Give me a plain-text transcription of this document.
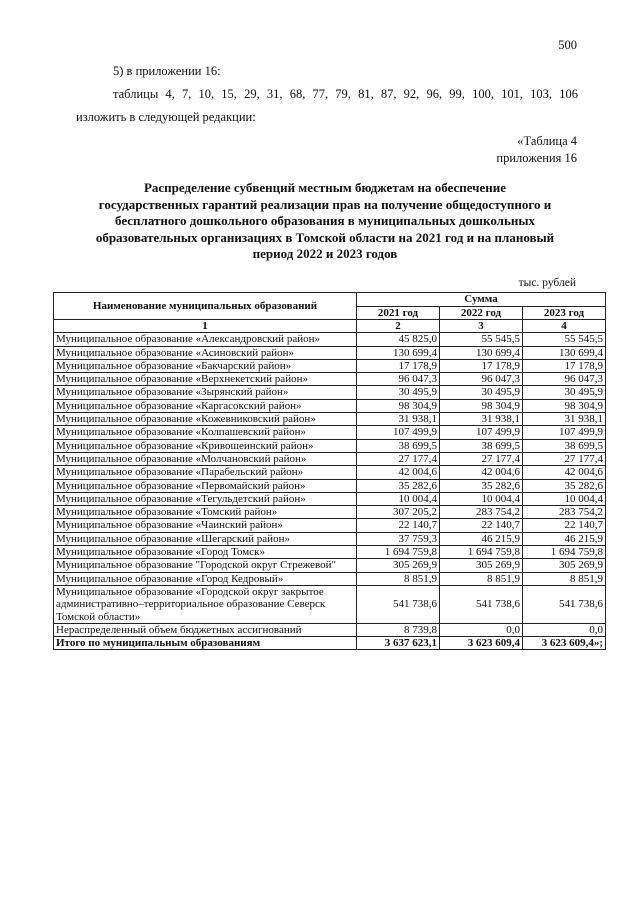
500
5) в приложении 16:
таблицы 4, 7, 10, 15, 29, 31, 68, 77, 79, 81, 87, 92, 96, 99, 100, 101, 103, 106
изложить в следующей редакции:
«Таблица 4
приложения 16
Распределение субвенций местным бюджетам на обеспечение
государственных гарантий реализации прав на получение общедоступного и
бесплатного дошкольного образования в муниципальных дошкольных
образовательных организациях в Томской области на 2021 год и на плановый
период 2022 и 2023 годов
тыс. рублей
Наименование муниципальных образований	Сумма		
	2021 год	2022 год	2023 год
1	2	3	4
Муниципальное образование «Александровский район»	45 825,0	55 545,5	55 545,5
Муниципальное образование «Асиновский район»	130 699,4	130 699,4	130 699,4
Муниципальное образование «Бакчарский район»	17 178,9	17 178,9	17 178,9
Муниципальное образование «Верхнекетский район»	96 047,3	96 047,3	96 047,3
Муниципальное образование «Зырянский район»	30 495,9	30 495,9	30 495,9
Муниципальное образование «Каргасокский район»	98 304,9	98 304,9	98 304,9
Муниципальное образование «Кожевниковский район»	31 938,1	31 938,1	31 938,1
Муниципальное образование «Колпашевский район»	107 499,9	107 499,9	107 499,9
Муниципальное образование «Кривошеинский район»	38 699,5	38 699,5	38 699,5
Муниципальное образование «Молчановский район»	27 177,4	27 177,4	27 177,4
Муниципальное образование «Парабельский район»	42 004,6	42 004,6	42 004,6
Муниципальное образование «Первомайский район»	35 282,6	35 282,6	35 282,6
Муниципальное образование «Тегульдетский район»	10 004,4	10 004,4	10 004,4
Муниципальное образование «Томский район»	307 205,2	283 754,2	283 754,2
Муниципальное образование «Чаинский район»	22 140,7	22 140,7	22 140,7
Муниципальное образование «Шегарский район»	37 759,3	46 215,9	46 215,9
Муниципальное образование «Город Томск»	1 694 759,8	1 694 759,8	1 694 759,8
Муниципальное образование "Городской округ Стрежевой"	305 269,9	305 269,9	305 269,9
Муниципальное образование «Город Кедровый»	8 851,9	8 851,9	8 851,9
Муниципальное образование «Городской округ закрытое административно–территориальное образование Северск Томской области»	541 738,6	541 738,6	541 738,6
Нераспределенный объем бюджетных ассигнований	8 739,8	0,0	0,0
Итого по муниципальным образованиям	3 637 623,1	3 623 609,4	3 623 609,4»;
